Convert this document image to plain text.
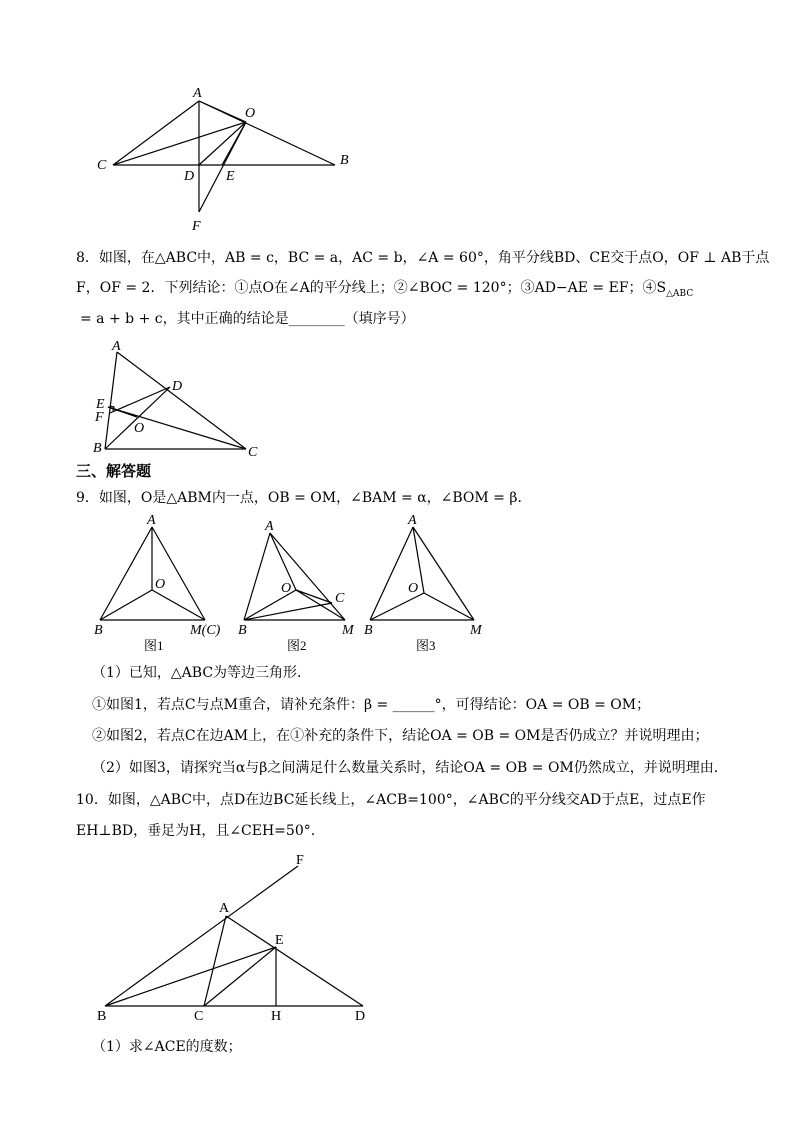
A
O
C	B
D E
F
8．如图，在△ABC中，AB = c，BC = a，AC = b，∠A = 60°，角平分线BD、CE交于点O，OF ⊥ AB于点
F，OF = 2．下列结论：①点O在∠A的平分线上；②∠BOC = 120°；③AD−AE = EF；$④S_{\triangle ABC}$
= a + b + c，其中正确的结论是________（填序号）
A
D
E
F
O
B	C
三、解答题
9．如图，O是△ABM内一点，OB = OM，∠BAM = α，∠BOM = β．
A
O
B	M(C)
图1
A
O
C
B	M
图2
A
O
B	M
图3
（1）已知，△ABC为等边三角形．
①如图1，若点C与点M重合，请补充条件：β = ______°，可得结论：OA = OB = OM；
②如图2，若点C在边AM上，在①补充的条件下，结论OA = OB = OM是否仍成立？并说明理由；
（2）如图3，请探究当α与β之间满足什么数量关系时，结论OA = OB = OM仍然成立，并说明理由．
10．如图，△ABC中，点D在边BC延长线上，∠ACB=100°，∠ABC的平分线交AD于点E，过点E作
EH⊥BD，垂足为H，且∠CEH=50°.
F
A
E
B	C	H	D
（1）求∠ACE的度数；
